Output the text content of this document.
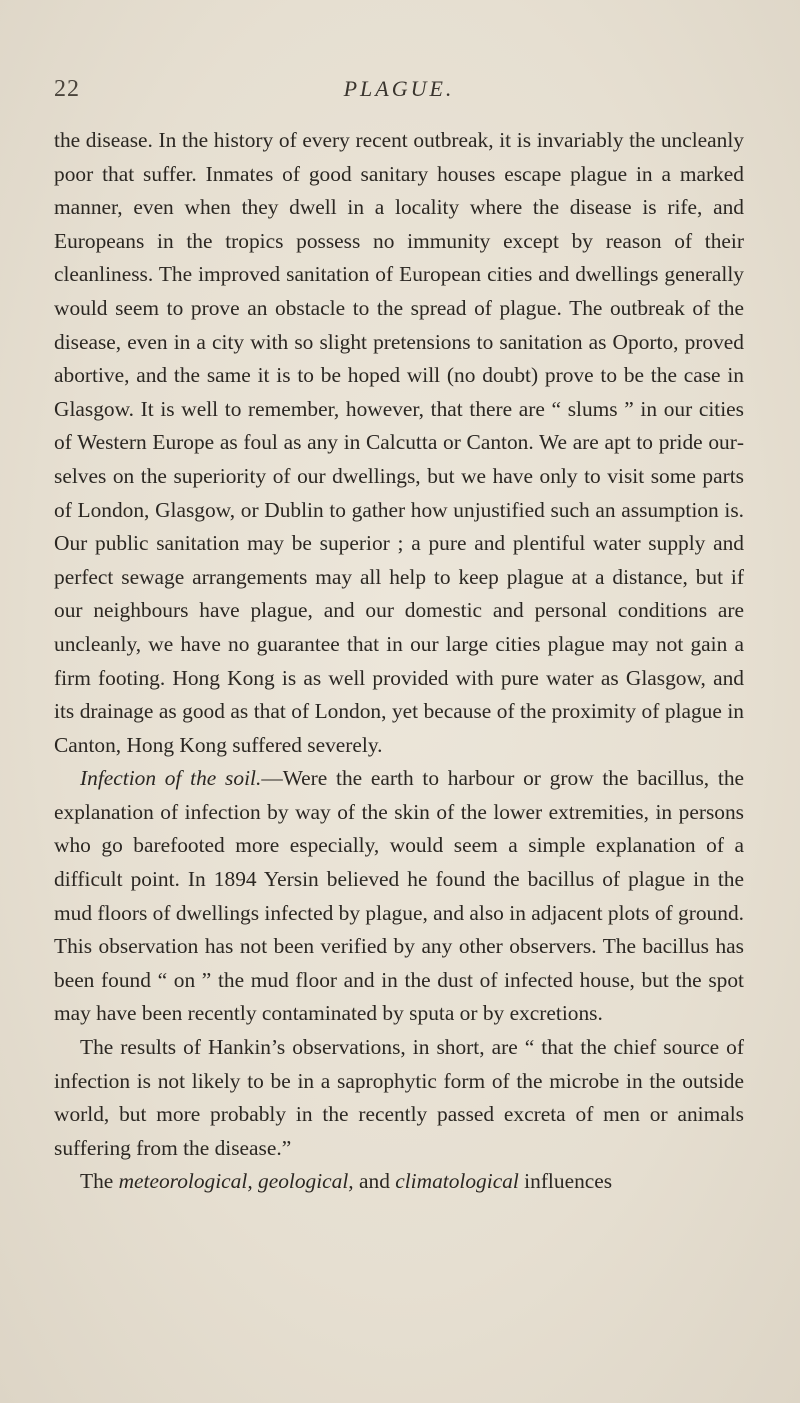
22	PLAGUE.

the disease. In the history of every recent outbreak, it is invariably the uncleanly poor that suffer. Inmates of good sanitary houses escape plague in a marked manner, even when they dwell in a locality where the disease is rife, and Europeans in the tropics possess no immunity except by reason of their cleanliness. The improved sanitation of European cities and dwellings generally would seem to prove an obstacle to the spread of plague. The outbreak of the disease, even in a city with so slight pretensions to sanitation as Oporto, proved abortive, and the same it is to be hoped will (no doubt) prove to be the case in Glasgow. It is well to remember, however, that there are “ slums ” in our cities of Western Europe as foul as any in Calcutta or Canton. We are apt to pride ourselves on the superiority of our dwellings, but we have only to visit some parts of London, Glasgow, or Dublin to gather how unjustified such an assumption is. Our public sanitation may be superior ; a pure and plentiful water supply and perfect sewage arrangements may all help to keep plague at a distance, but if our neighbours have plague, and our domestic and personal conditions are uncleanly, we have no guarantee that in our large cities plague may not gain a firm footing. Hong Kong is as well provided with pure water as Glasgow, and its drainage as good as that of London, yet because of the proximity of plague in Canton, Hong Kong suffered severely.

Infection of the soil.—Were the earth to harbour or grow the bacillus, the explanation of infection by way of the skin of the lower extremities, in persons who go barefooted more especially, would seem a simple explanation of a difficult point. In 1894 Yersin believed he found the bacillus of plague in the mud floors of dwellings infected by plague, and also in adjacent plots of ground. This observation has not been verified by any other observers. The bacillus has been found “ on ” the mud floor and in the dust of infected house, but the spot may have been recently contaminated by sputa or by excretions.

The results of Hankin’s observations, in short, are “ that the chief source of infection is not likely to be in a saprophytic form of the microbe in the outside world, but more probably in the recently passed excreta of men or animals suffering from the disease.”

The meteorological, geological, and climatological influences
